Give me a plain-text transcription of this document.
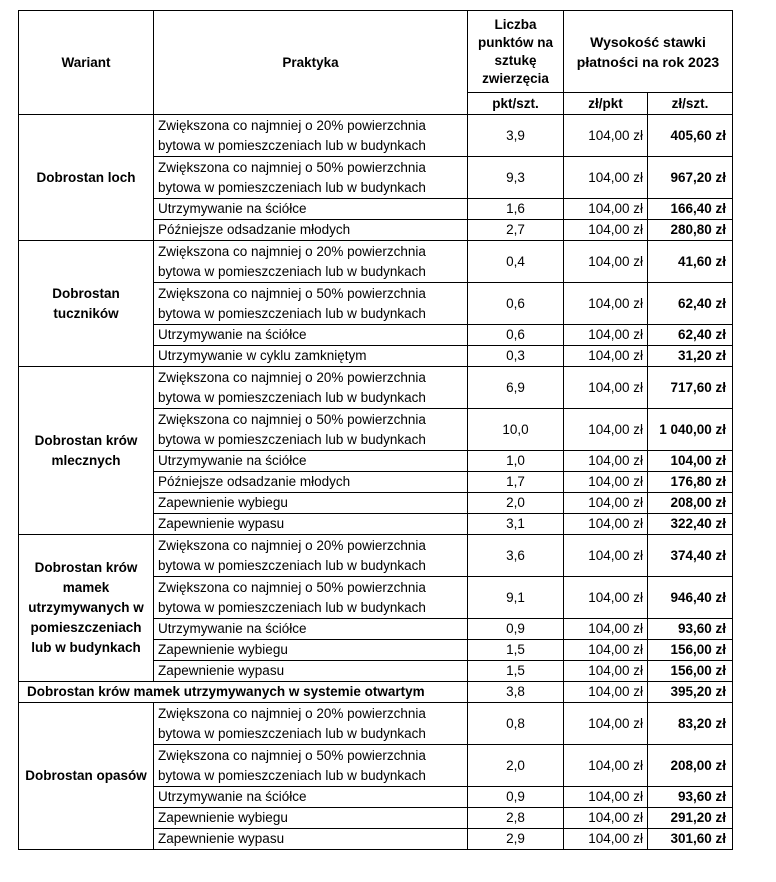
Wariant	Praktyka	Liczba punktów na sztukę zwierzęcia	Wysokość stawki płatności na rok 2023	
		pkt/szt.	zł/pkt	zł/szt.
Dobrostan loch	Zwiększona co najmniej o 20% powierzchnia bytowa w pomieszczeniach lub w budynkach	3,9	104,00 zł	405,60 zł
	Zwiększona co najmniej o 50% powierzchnia bytowa w pomieszczeniach lub w budynkach	9,3	104,00 zł	967,20 zł
	Utrzymywanie na ściółce	1,6	104,00 zł	166,40 zł
	Późniejsze odsadzanie młodych	2,7	104,00 zł	280,80 zł
Dobrostan tuczników	Zwiększona co najmniej o 20% powierzchnia bytowa w pomieszczeniach lub w budynkach	0,4	104,00 zł	41,60 zł
	Zwiększona co najmniej o 50% powierzchnia bytowa w pomieszczeniach lub w budynkach	0,6	104,00 zł	62,40 zł
	Utrzymywanie na ściółce	0,6	104,00 zł	62,40 zł
	Utrzymywanie w cyklu zamkniętym	0,3	104,00 zł	31,20 zł
Dobrostan krów mlecznych	Zwiększona co najmniej o 20% powierzchnia bytowa w pomieszczeniach lub w budynkach	6,9	104,00 zł	717,60 zł
	Zwiększona co najmniej o 50% powierzchnia bytowa w pomieszczeniach lub w budynkach	10,0	104,00 zł	1 040,00 zł
	Utrzymywanie na ściółce	1,0	104,00 zł	104,00 zł
	Późniejsze odsadzanie młodych	1,7	104,00 zł	176,80 zł
	Zapewnienie wybiegu	2,0	104,00 zł	208,00 zł
	Zapewnienie wypasu	3,1	104,00 zł	322,40 zł
Dobrostan krów mamek utrzymywanych w pomieszczeniach lub w budynkach	Zwiększona co najmniej o 20% powierzchnia bytowa w pomieszczeniach lub w budynkach	3,6	104,00 zł	374,40 zł
	Zwiększona co najmniej o 50% powierzchnia bytowa w pomieszczeniach lub w budynkach	9,1	104,00 zł	946,40 zł
	Utrzymywanie na ściółce	0,9	104,00 zł	93,60 zł
	Zapewnienie wybiegu	1,5	104,00 zł	156,00 zł
	Zapewnienie wypasu	1,5	104,00 zł	156,00 zł
Dobrostan krów mamek utrzymywanych w systemie otwartym		3,8	104,00 zł	395,20 zł
Dobrostan opasów	Zwiększona co najmniej o 20% powierzchnia bytowa w pomieszczeniach lub w budynkach	0,8	104,00 zł	83,20 zł
	Zwiększona co najmniej o 50% powierzchnia bytowa w pomieszczeniach lub w budynkach	2,0	104,00 zł	208,00 zł
	Utrzymywanie na ściółce	0,9	104,00 zł	93,60 zł
	Zapewnienie wybiegu	2,8	104,00 zł	291,20 zł
	Zapewnienie wypasu	2,9	104,00 zł	301,60 zł
